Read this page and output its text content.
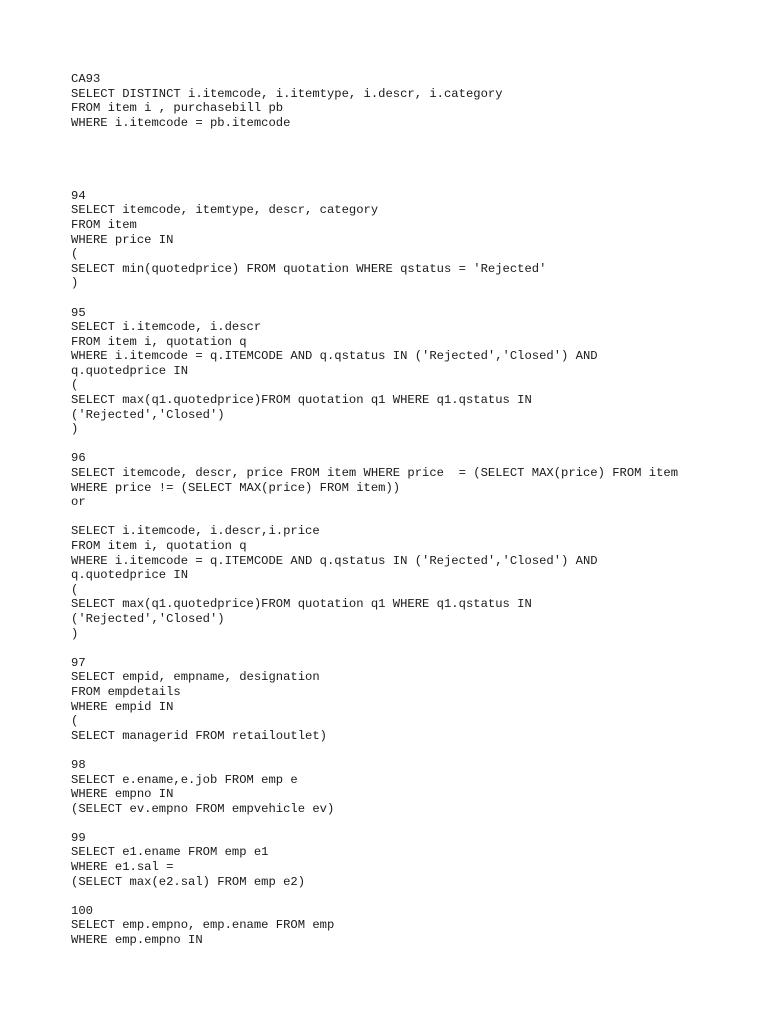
CA93
SELECT DISTINCT i.itemcode, i.itemtype, i.descr, i.category
FROM item i , purchasebill pb
WHERE i.itemcode = pb.itemcode
94
SELECT itemcode, itemtype, descr, category
FROM item
WHERE price IN
(
SELECT min(quotedprice) FROM quotation WHERE qstatus = 'Rejected'
)
95
SELECT i.itemcode, i.descr
FROM item i, quotation q
WHERE i.itemcode = q.ITEMCODE AND q.qstatus IN ('Rejected','Closed') AND
q.quotedprice IN
(
SELECT max(q1.quotedprice)FROM quotation q1 WHERE q1.qstatus IN
('Rejected','Closed')
)
96
SELECT itemcode, descr, price FROM item WHERE price  = (SELECT MAX(price) FROM item
WHERE price != (SELECT MAX(price) FROM item))
or
SELECT i.itemcode, i.descr,i.price
FROM item i, quotation q
WHERE i.itemcode = q.ITEMCODE AND q.qstatus IN ('Rejected','Closed') AND
q.quotedprice IN
(
SELECT max(q1.quotedprice)FROM quotation q1 WHERE q1.qstatus IN
('Rejected','Closed')
)
97
SELECT empid, empname, designation
FROM empdetails
WHERE empid IN
(
SELECT managerid FROM retailoutlet)
98
SELECT e.ename,e.job FROM emp e
WHERE empno IN
(SELECT ev.empno FROM empvehicle ev)
99
SELECT e1.ename FROM emp e1
WHERE e1.sal =
(SELECT max(e2.sal) FROM emp e2)
100
SELECT emp.empno, emp.ename FROM emp
WHERE emp.empno IN
